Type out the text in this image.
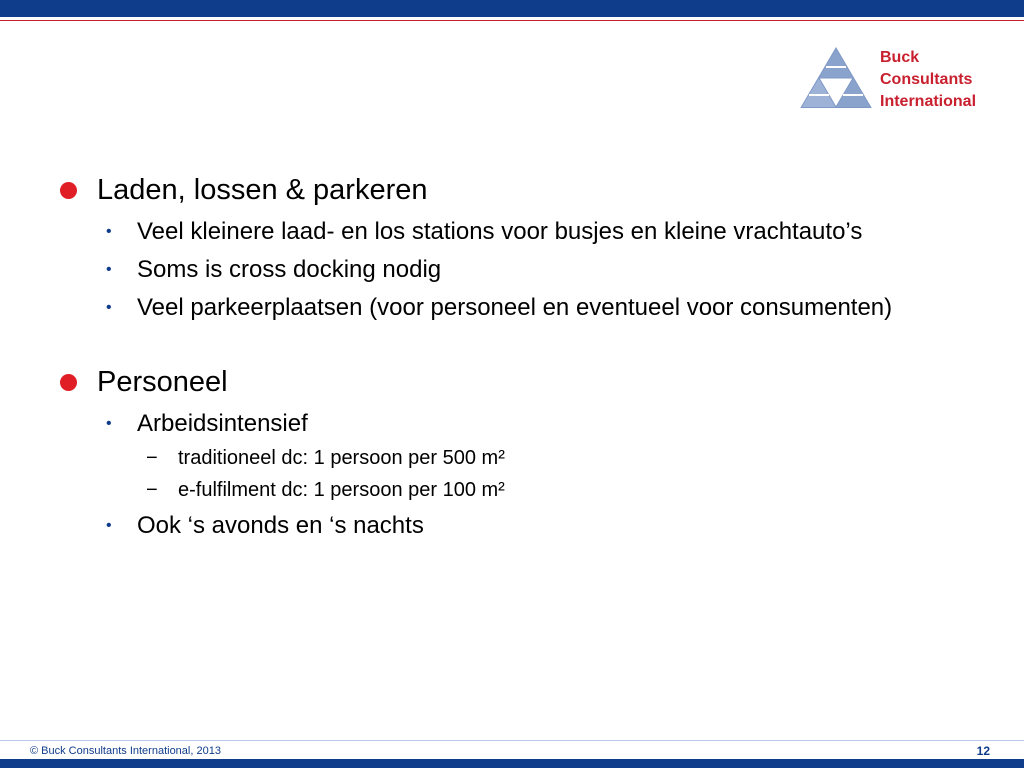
Buck
Consultants
International
Laden, lossen & parkeren
• Veel kleinere laad- en los stations voor busjes en kleine vrachtauto’s
• Soms is cross docking nodig
• Veel parkeerplaatsen (voor personeel en eventueel voor consumenten)
Personeel
• Arbeidsintensief
− traditioneel dc: 1 persoon per 500 m²
− e-fulfilment dc: 1 persoon per 100 m²
• Ook ‘s avonds en ‘s nachts
© Buck Consultants International, 2013	12
